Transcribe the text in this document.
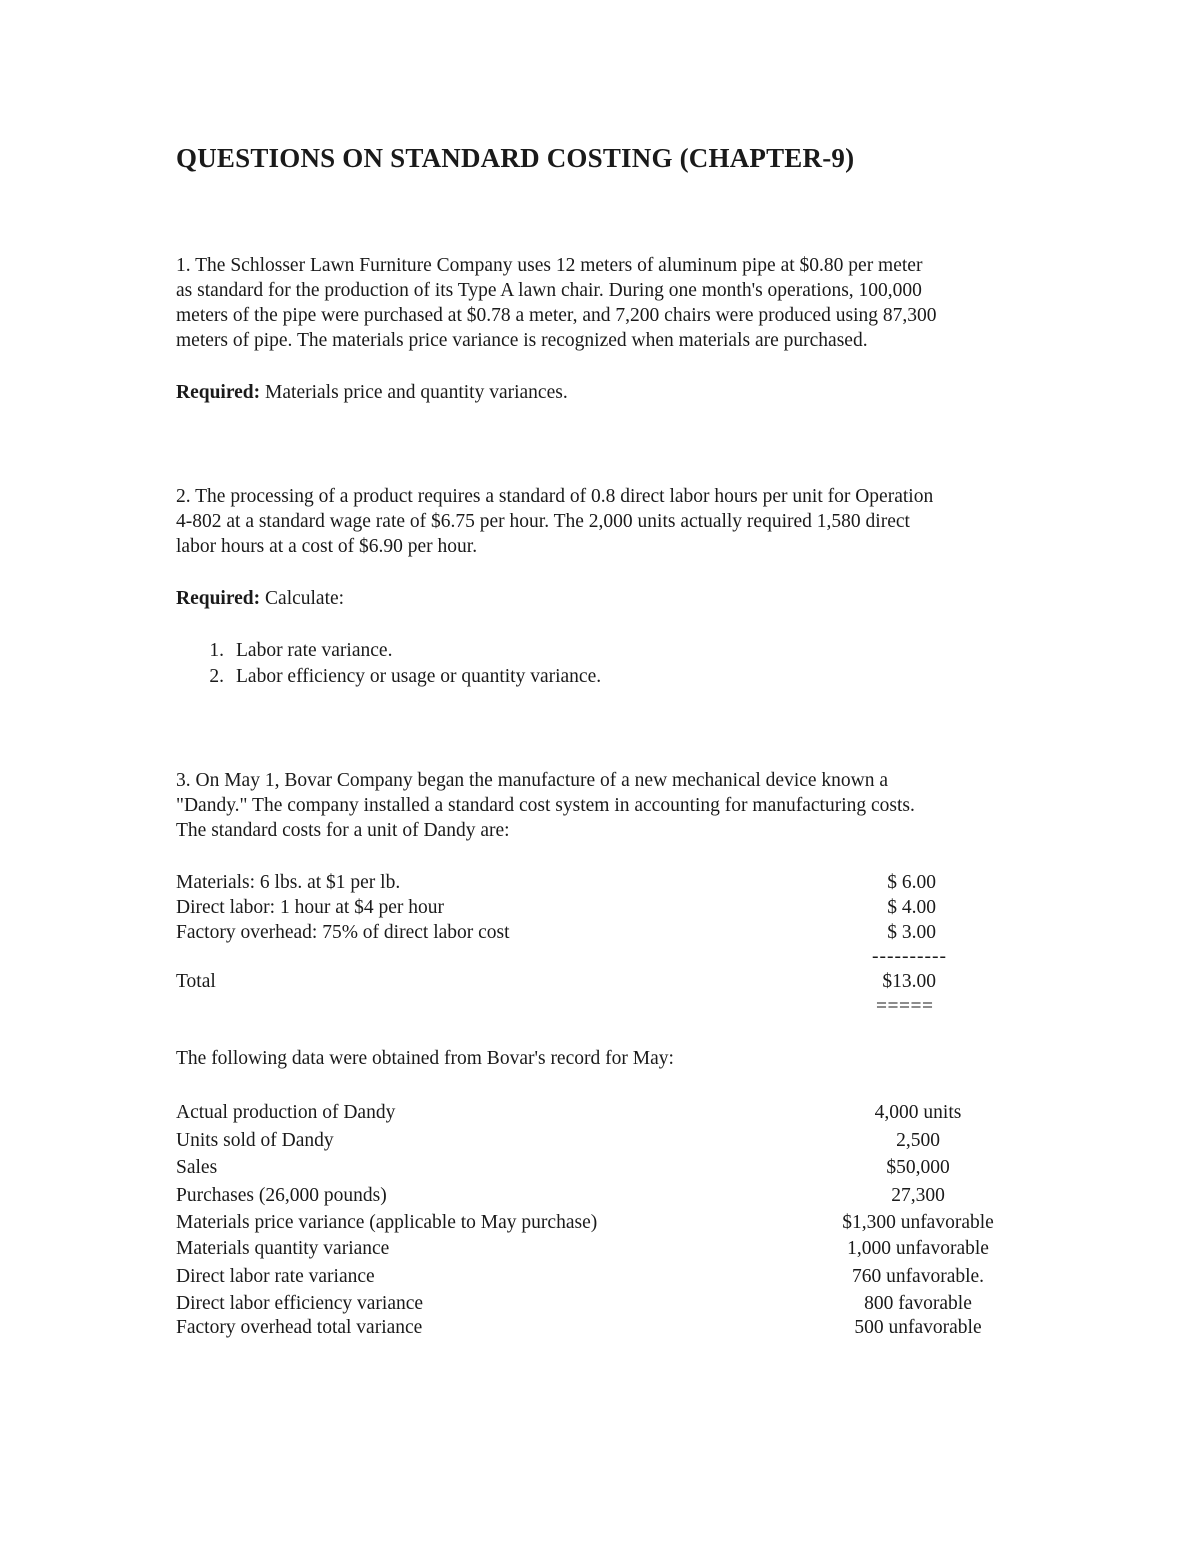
QUESTIONS ON STANDARD COSTING (CHAPTER-9)
1. The Schlosser Lawn Furniture Company uses 12 meters of aluminum pipe at $0.80 per meter
as standard for the production of its Type A lawn chair. During one month's operations, 100,000
meters of the pipe were purchased at $0.78 a meter, and 7,200 chairs were produced using 87,300
meters of pipe. The materials price variance is recognized when materials are purchased.
Required: Materials price and quantity variances.
2. The processing of a product requires a standard of 0.8 direct labor hours per unit for Operation
4-802 at a standard wage rate of $6.75 per hour. The 2,000 units actually required 1,580 direct
labor hours at a cost of $6.90 per hour.
Required: Calculate:
1. Labor rate variance.
2. Labor efficiency or usage or quantity variance.
3. On May 1, Bovar Company began the manufacture of a new mechanical device known a
"Dandy." The company installed a standard cost system in accounting for manufacturing costs.
The standard costs for a unit of Dandy are:
Materials: 6 lbs. at $1 per lb.	$ 6.00
Direct labor: 1 hour at $4 per hour	$ 4.00
Factory overhead: 75% of direct labor cost	$ 3.00
----------
Total	$13.00
=====
The following data were obtained from Bovar's record for May:
Actual production of Dandy	4,000 units
Units sold of Dandy	2,500
Sales	$50,000
Purchases (26,000 pounds)	27,300
Materials price variance (applicable to May purchase)	$1,300 unfavorable
Materials quantity variance	1,000 unfavorable
Direct labor rate variance	760 unfavorable.
Direct labor efficiency variance	800 favorable
Factory overhead total variance	500 unfavorable
